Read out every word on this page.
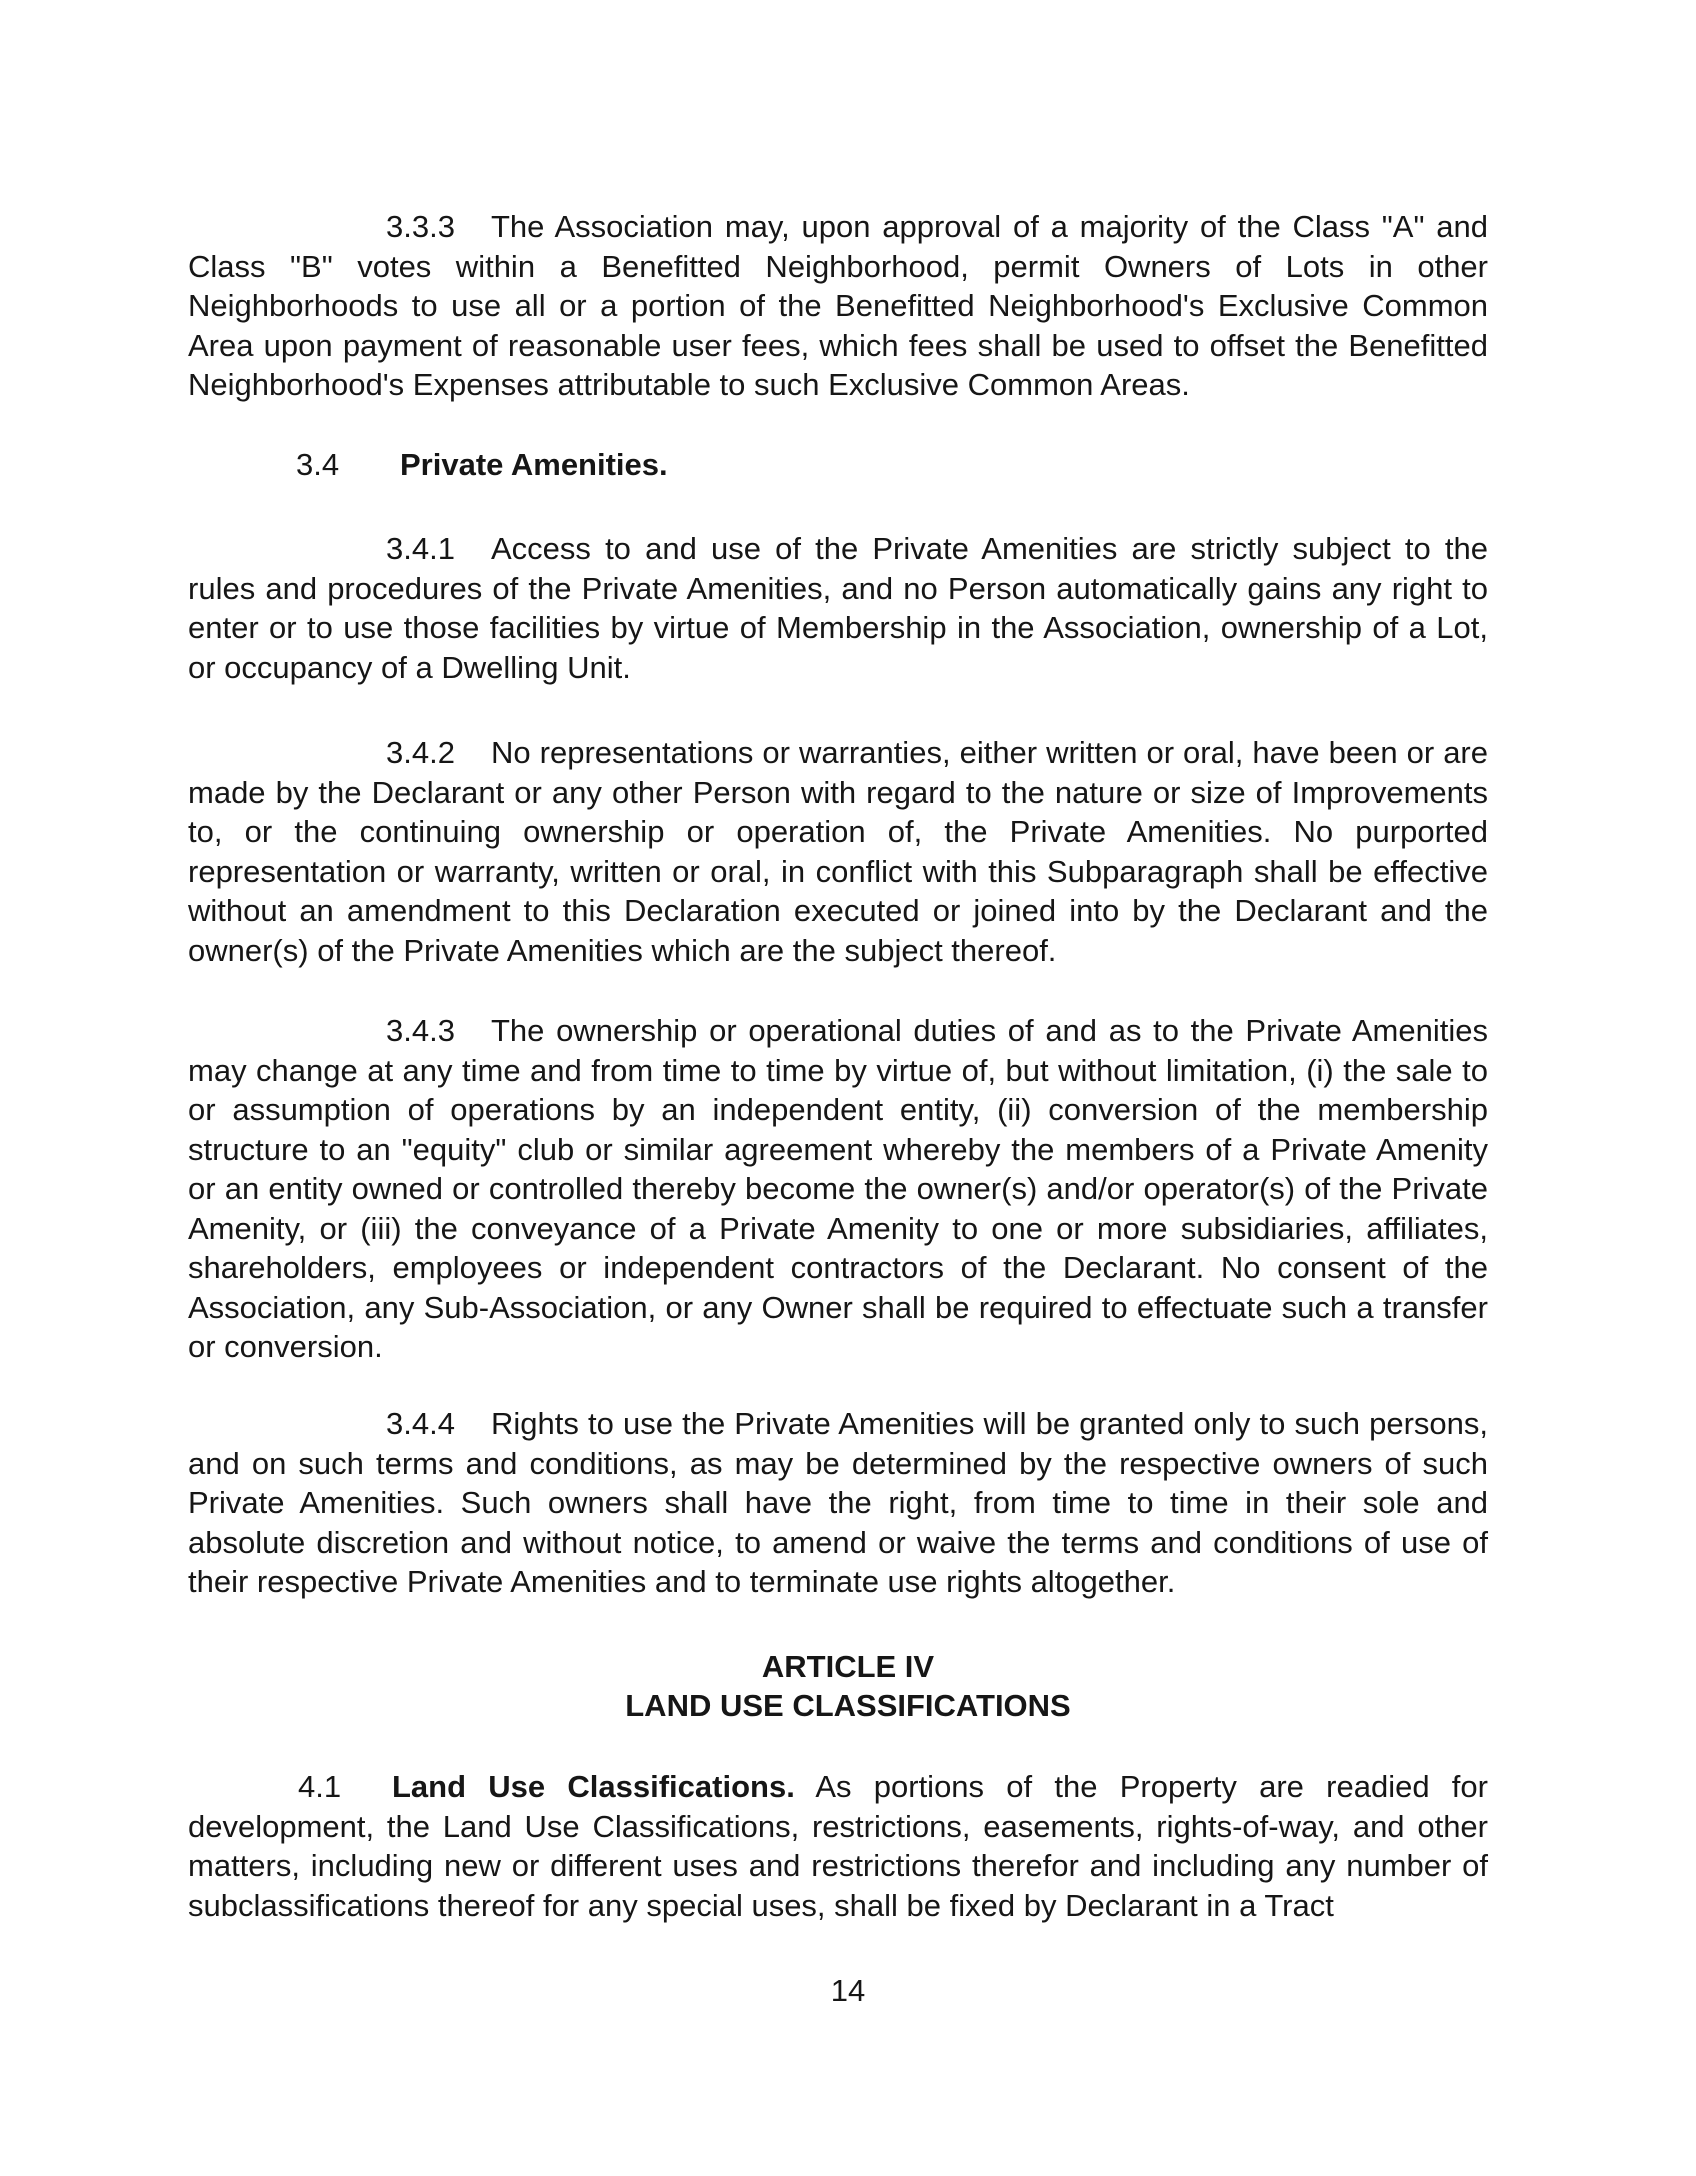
3.3.3 The Association may, upon approval of a majority of the Class "A" and Class "B" votes within a Benefitted Neighborhood, permit Owners of Lots in other Neighborhoods to use all or a portion of the Benefitted Neighborhood's Exclusive Common Area upon payment of reasonable user fees, which fees shall be used to offset the Benefitted Neighborhood's Expenses attributable to such Exclusive Common Areas.

3.4 Private Amenities.

3.4.1 Access to and use of the Private Amenities are strictly subject to the rules and procedures of the Private Amenities, and no Person automatically gains any right to enter or to use those facilities by virtue of Membership in the Association, ownership of a Lot, or occupancy of a Dwelling Unit.

3.4.2 No representations or warranties, either written or oral, have been or are made by the Declarant or any other Person with regard to the nature or size of Improvements to, or the continuing ownership or operation of, the Private Amenities. No purported representation or warranty, written or oral, in conflict with this Subparagraph shall be effective without an amendment to this Declaration executed or joined into by the Declarant and the owner(s) of the Private Amenities which are the subject thereof.

3.4.3 The ownership or operational duties of and as to the Private Amenities may change at any time and from time to time by virtue of, but without limitation, (i) the sale to or assumption of operations by an independent entity, (ii) conversion of the membership structure to an "equity" club or similar agreement whereby the members of a Private Amenity or an entity owned or controlled thereby become the owner(s) and/or operator(s) of the Private Amenity, or (iii) the conveyance of a Private Amenity to one or more subsidiaries, affiliates, shareholders, employees or independent contractors of the Declarant. No consent of the Association, any Sub-Association, or any Owner shall be required to effectuate such a transfer or conversion.

3.4.4 Rights to use the Private Amenities will be granted only to such persons, and on such terms and conditions, as may be determined by the respective owners of such Private Amenities. Such owners shall have the right, from time to time in their sole and absolute discretion and without notice, to amend or waive the terms and conditions of use of their respective Private Amenities and to terminate use rights altogether.

ARTICLE IV

LAND USE CLASSIFICATIONS

4.1 Land Use Classifications. As portions of the Property are readied for development, the Land Use Classifications, restrictions, easements, rights-of-way, and other matters, including new or different uses and restrictions therefor and including any number of subclassifications thereof for any special uses, shall be fixed by Declarant in a Tract

14
